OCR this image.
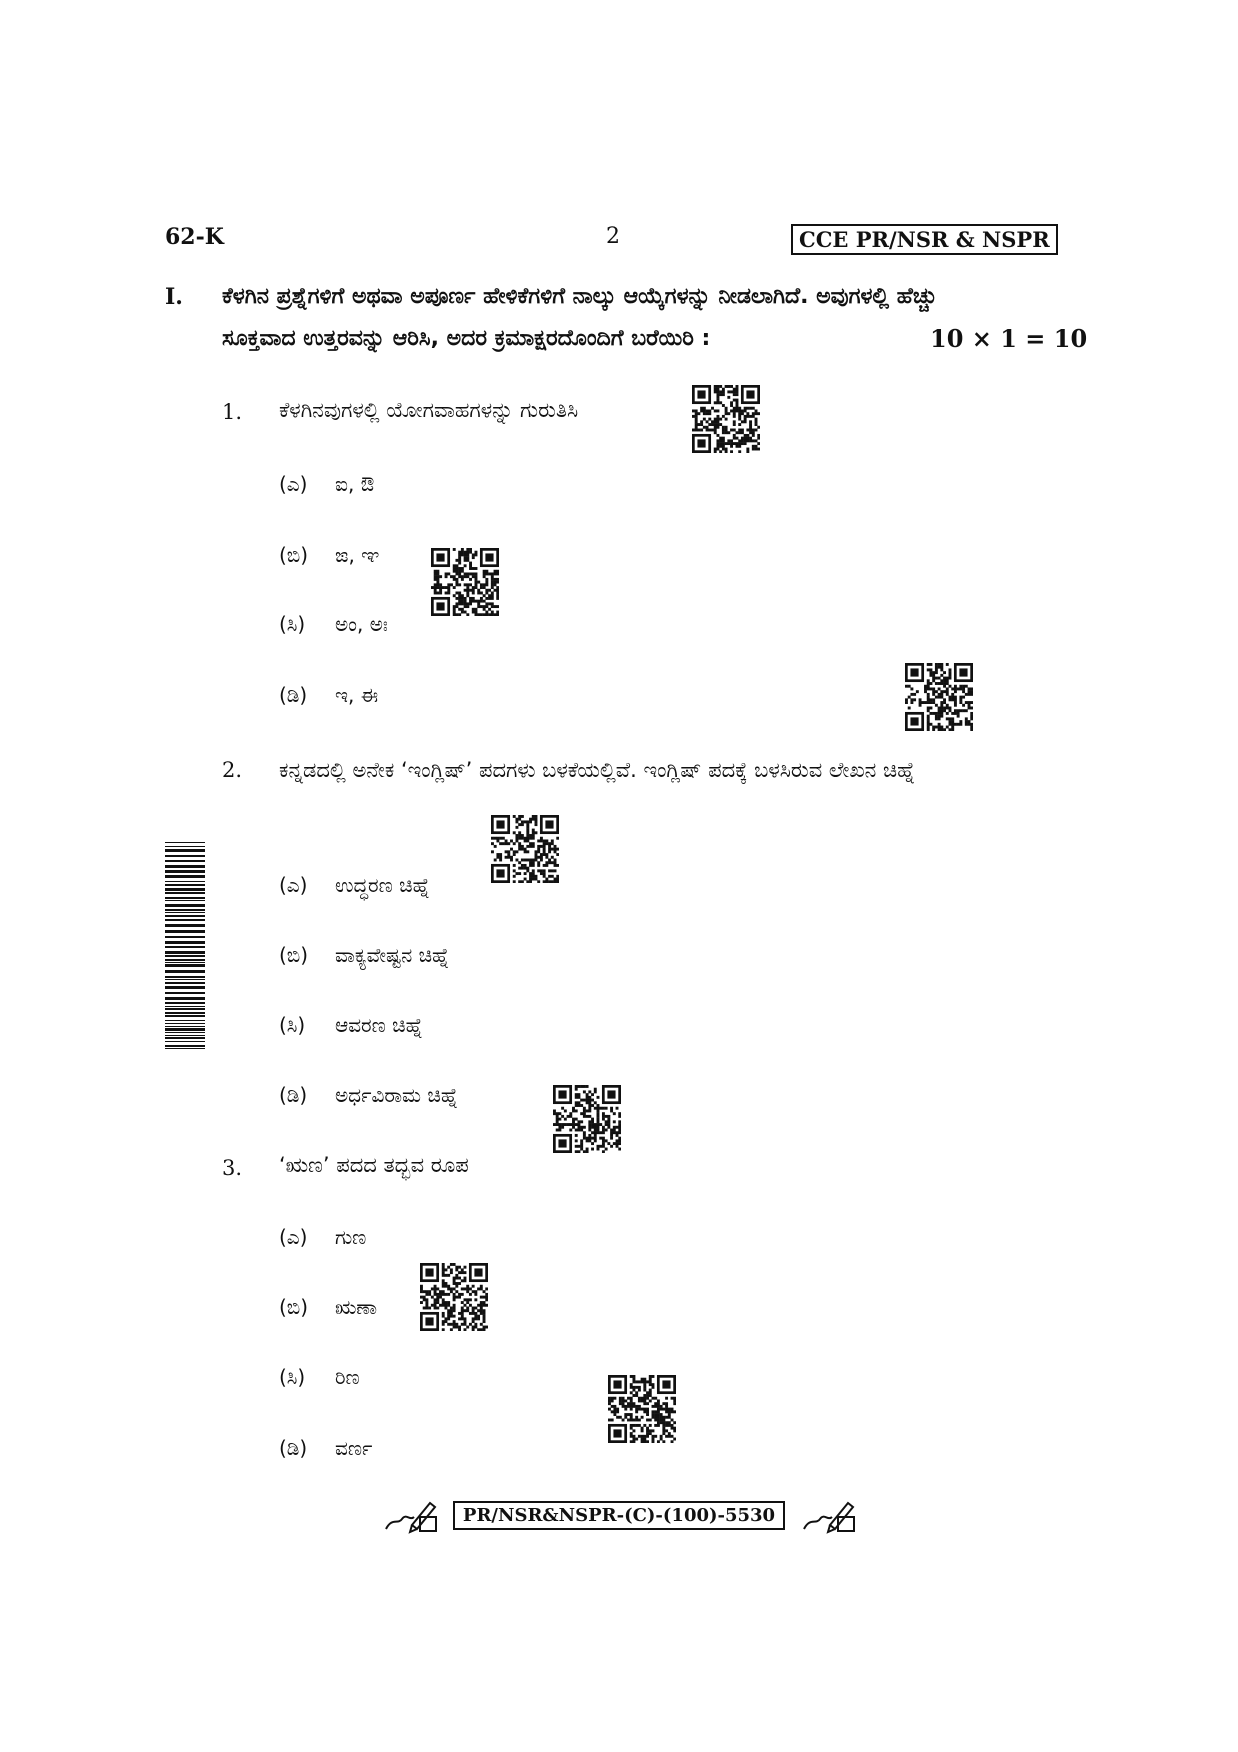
62-K	2	CCE PR/NSR & NSPR
I. ಕೆಳಗಿನ ಪ್ರಶ್ನೆಗಳಿಗೆ ಅಥವಾ ಅಪೂರ್ಣ ಹೇಳಿಕೆಗಳಿಗೆ ನಾಲ್ಕು ಆಯ್ಕೆಗಳನ್ನು ನೀಡಲಾಗಿದೆ. ಅವುಗಳಲ್ಲಿ ಹೆಚ್ಚು
ಸೂಕ್ತವಾದ ಉತ್ತರವನ್ನು ಆರಿಸಿ, ಅದರ ಕ್ರಮಾಕ್ಷರದೊಂದಿಗೆ ಬರೆಯಿರಿ :	10 × 1 = 10
1. ಕೆಳಗಿನವುಗಳಲ್ಲಿ ಯೋಗವಾಹಗಳನ್ನು ಗುರುತಿಸಿ
(ಎ) ಐ, ಔ
(ಬಿ) ಙ, ಞ
(ಸಿ) ಅಂ, ಅಃ
(ಡಿ) ಇ, ಈ
2. ಕನ್ನಡದಲ್ಲಿ ಅನೇಕ ‘ಇಂಗ್ಲಿಷ್’ ಪದಗಳು ಬಳಕೆಯಲ್ಲಿವೆ. ಇಂಗ್ಲಿಷ್ ಪದಕ್ಕೆ ಬಳಸಿರುವ ಲೇಖನ ಚಿಹ್ನೆ
(ಎ) ಉದ್ಧರಣ ಚಿಹ್ನೆ
(ಬಿ) ವಾಕ್ಯವೇಷ್ಟನ ಚಿಹ್ನೆ
(ಸಿ) ಆವರಣ ಚಿಹ್ನೆ
(ಡಿ) ಅರ್ಧವಿರಾಮ ಚಿಹ್ನೆ
3. ‘ಋಣ’ ಪದದ ತದ್ಭವ ರೂಪ
(ಎ) ಗುಣ
(ಬಿ) ಋಣಾ
(ಸಿ) ರಿಣ
(ಡಿ) ವರ್ಣ
PR/NSR&NSPR-(C)-(100)-5530
